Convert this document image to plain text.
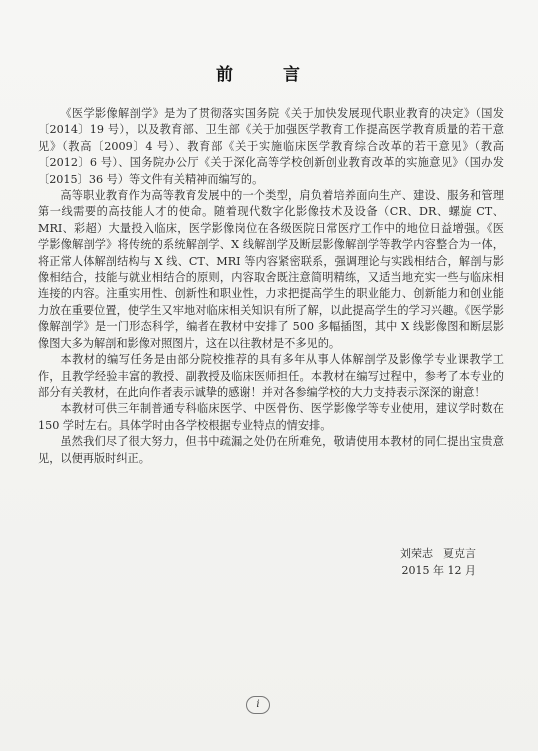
前 言

《医学影像解剖学》是为了贯彻落实国务院《关于加快发展现代职业教育的决定》（国发〔2014〕19 号），以及教育部、卫生部《关于加强医学教育工作提高医学教育质量的若干意见》（教高〔2009〕4 号）、教育部《关于实施临床医学教育综合改革的若干意见》（教高〔2012〕6 号）、国务院办公厅《关于深化高等学校创新创业教育改革的实施意见》（国办发〔2015〕36 号）等文件有关精神而编写的。

高等职业教育作为高等教育发展中的一个类型，肩负着培养面向生产、建设、服务和管理第一线需要的高技能人才的使命。随着现代数字化影像技术及设备（CR、DR、螺旋 CT、MRI、彩超）大量投入临床，医学影像岗位在各级医院日常医疗工作中的地位日益增强。《医学影像解剖学》将传统的系统解剖学、X 线解剖学及断层影像解剖学等教学内容整合为一体，将正常人体解剖结构与 X 线、CT、MRI 等内容紧密联系，强调理论与实践相结合，解剖与影像相结合，技能与就业相结合的原则，内容取舍既注意简明精练，又适当地充实一些与临床相连接的内容。注重实用性、创新性和职业性，力求把提高学生的职业能力、创新能力和创业能力放在重要位置，使学生又牢地对临床相关知识有所了解，以此提高学生的学习兴趣。《医学影像解剖学》是一门形态科学，编者在教材中安排了 500 多幅插图，其中 X 线影像图和断层影像图大多为解剖和影像对照图片，这在以往教材是不多见的。

本教材的编写任务是由部分院校推荐的具有多年从事人体解剖学及影像学专业课教学工作，且教学经验丰富的教授、副教授及临床医师担任。本教材在编写过程中，参考了本专业的部分有关教材，在此向作者表示诚挚的感谢！并对各参编学校的大力支持表示深深的谢意！

本教材可供三年制普通专科临床医学、中医骨伤、医学影像学等专业使用，建议学时数在 150 学时左右。具体学时由各学校根据专业特点的情安排。

虽然我们尽了很大努力，但书中疏漏之处仍在所难免，敬请使用本教材的同仁提出宝贵意见，以便再版时纠正。

刘荣志 夏克言
2015 年 12 月
i
